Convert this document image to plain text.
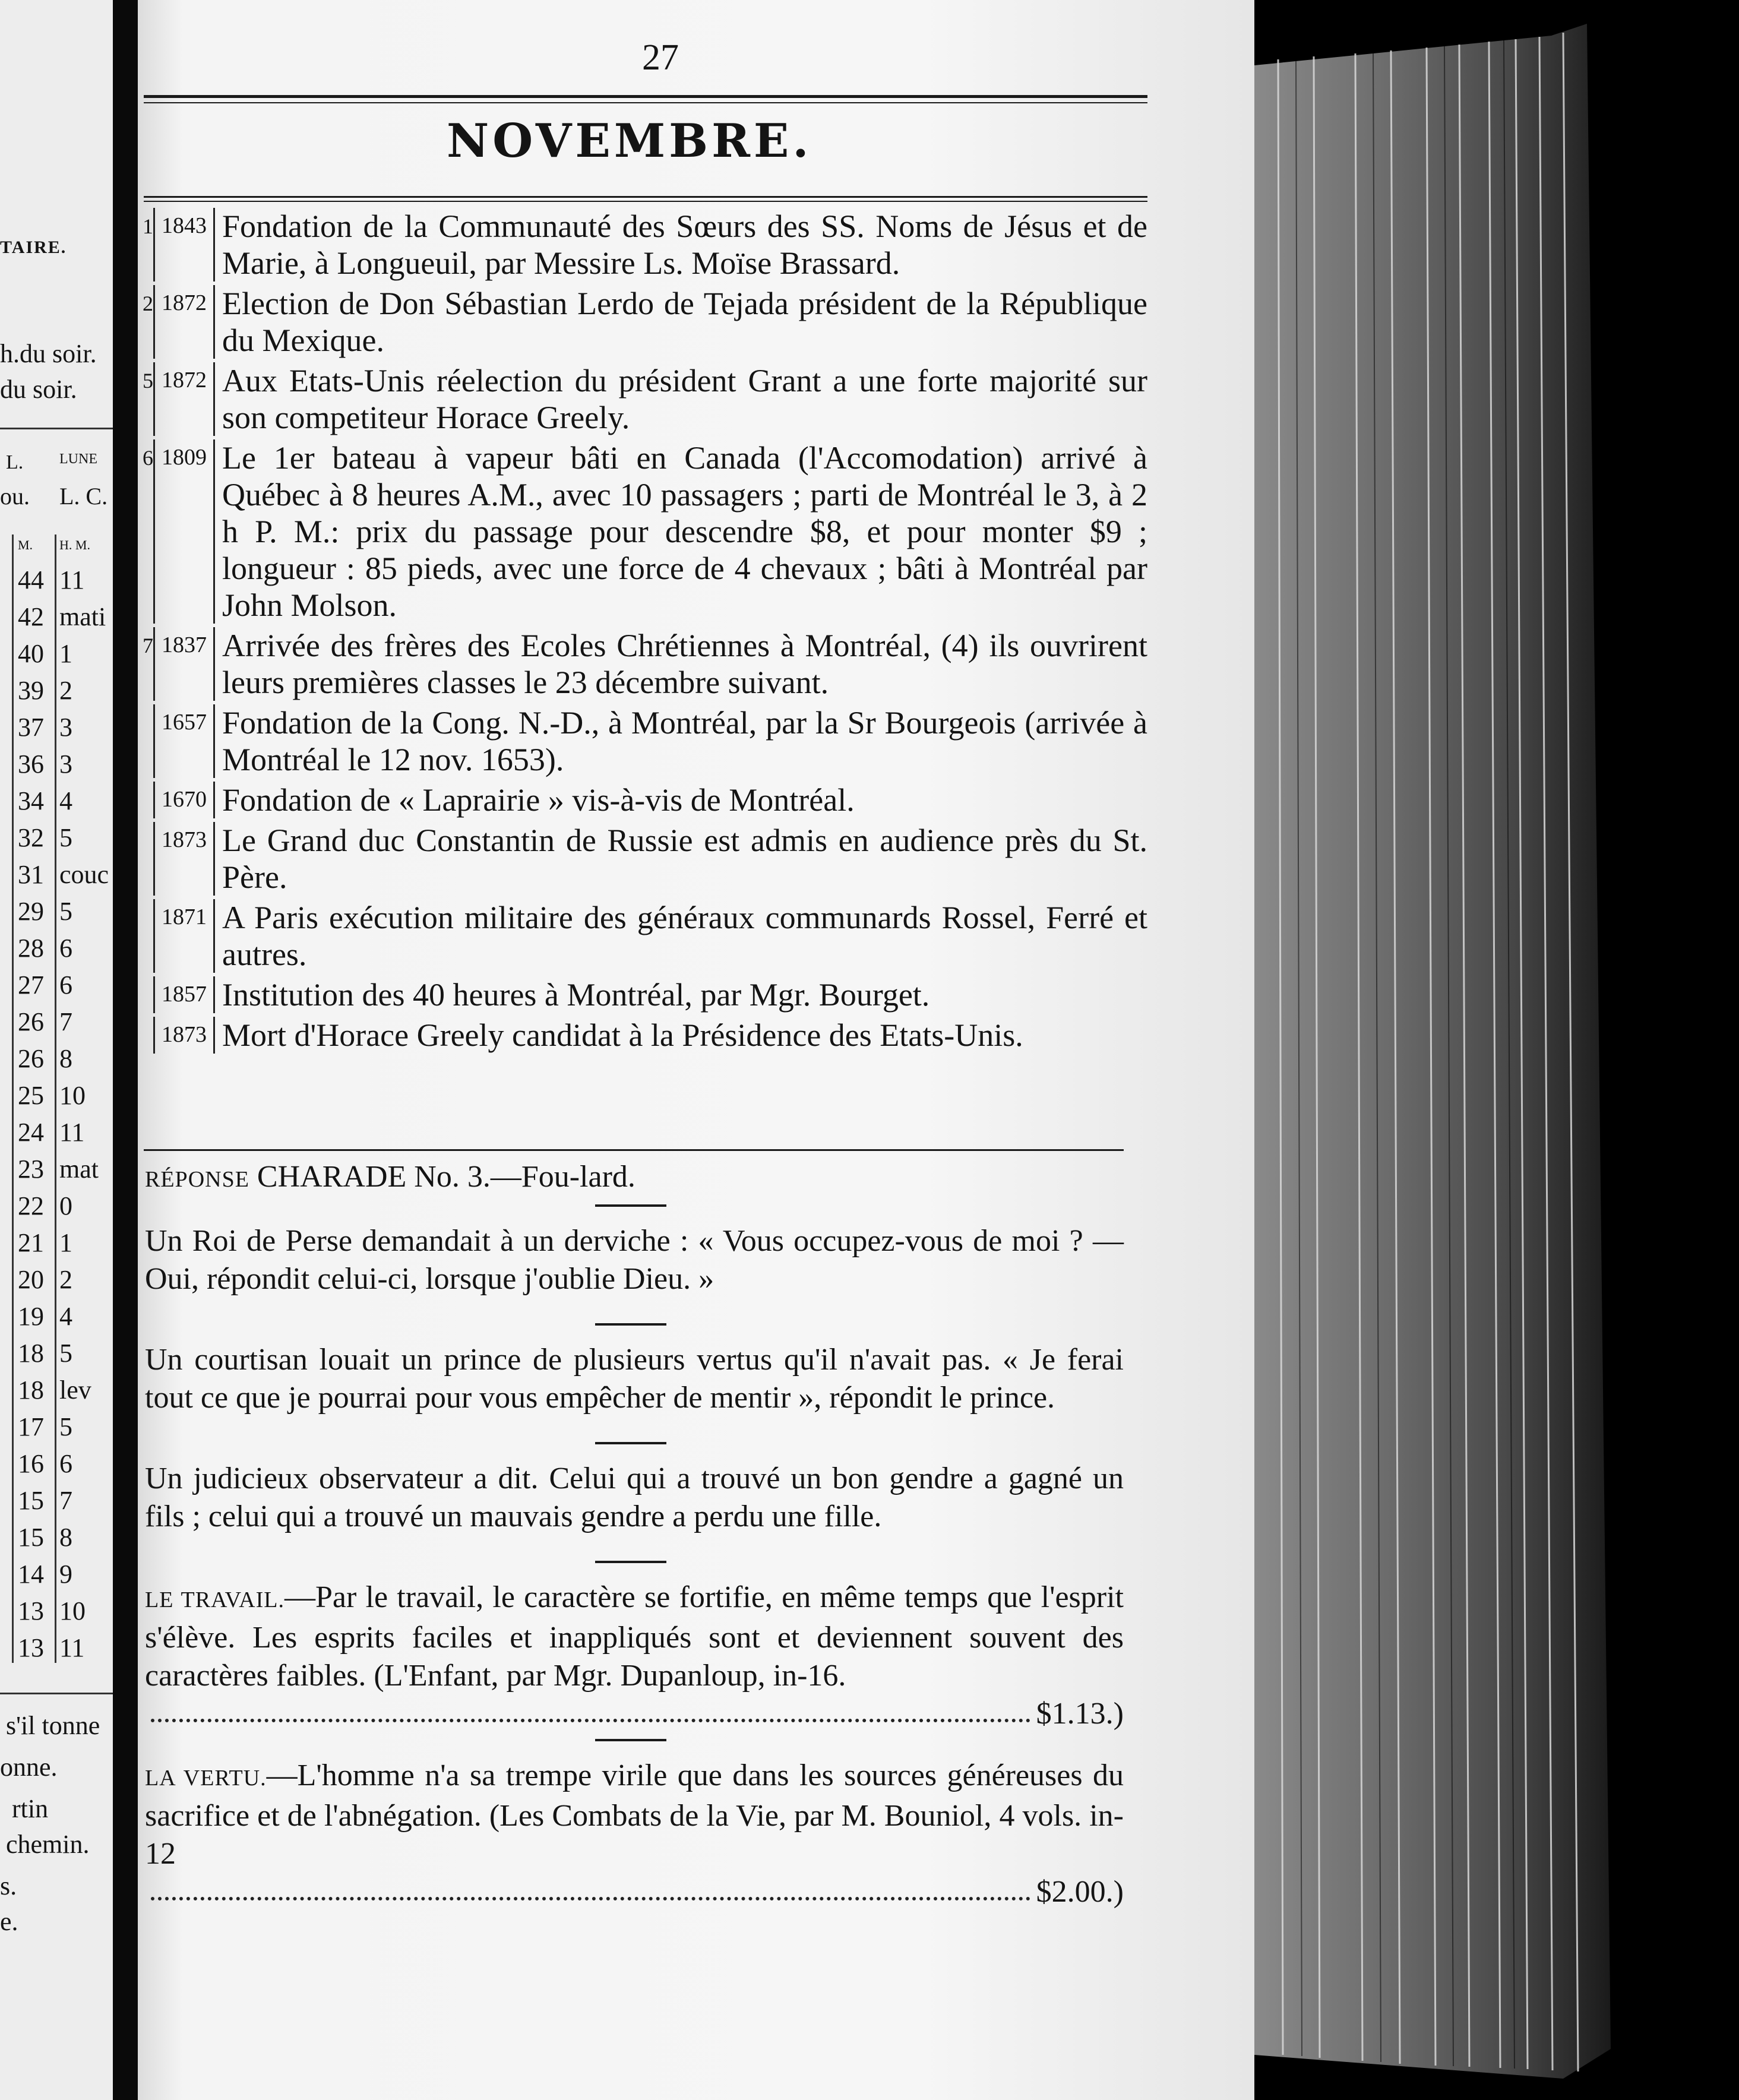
TAIRE.
h.du soir.
du soir.
L.	LUNE
ou. L. C.
M. H. M.
44 11
42 mati
40 1
39 2
37 3
36 3
34 4
32 5
31 couc
29 5
28 6
27 6
26 7
26 8
25 10
24 11
23 mat
22 0
21 1
20 2
19 4
18 5
18 lev
17 5
16 6
15 7
15 8
14 9
13 10
13 11
s'il tonne
onne.
rtin
chemin.
s.
e.
27
NOVEMBRE.
1 1843 Fondation de la Communauté des Sœurs des SS. Noms de Jésus et de Marie, à Longueuil, par Messire Ls. Moïse Brassard.
2 1872 Election de Don Sébastian Lerdo de Tejada président de la République du Mexique.
5 1872 Aux Etats-Unis réelection du président Grant a une forte majorité sur son competiteur Horace Greely.
6 1809 Le 1er bateau à vapeur bâti en Canada (l'Accomodation) arrivé à Québec à 8 heures A.M., avec 10 passagers ; parti de Montréal le 3, à 2 h P. M.: prix du passage pour descendre $8, et pour monter $9 ; longueur : 85 pieds, avec une force de 4 chevaux ; bâti à Montréal par John Molson.
7 1837 Arrivée des frères des Ecoles Chrétiennes à Montréal, (4) ils ouvrirent leurs premières classes le 23 décembre suivant.
1657 Fondation de la Cong. N.-D., à Montréal, par la Sr Bourgeois (arrivée à Montréal le 12 nov. 1653).
1670 Fondation de « Laprairie » vis-à-vis de Montréal.
1873 Le Grand duc Constantin de Russie est admis en audience près du St. Père.
1871 A Paris exécution militaire des généraux communards Rossel, Ferré et autres.
1857 Institution des 40 heures à Montréal, par Mgr. Bourget.
1873 Mort d'Horace Greely candidat à la Présidence des Etats-Unis.
RÉPONSE CHARADE No. 3.—Fou-lard.
Un Roi de Perse demandait à un derviche : « Vous occupez-vous de moi ? — Oui, répondit celui-ci, lorsque j'oublie Dieu. »
Un courtisan louait un prince de plusieurs vertus qu'il n'avait pas. « Je ferai tout ce que je pourrai pour vous empêcher de mentir », répondit le prince.
Un judicieux observateur a dit. Celui qui a trouvé un bon gendre a gagné un fils ; celui qui a trouvé un mauvais gendre a perdu une fille.
LE TRAVAIL.—Par le travail, le caractère se fortifie, en même temps que l'esprit s'élève. Les esprits faciles et inappliqués sont et deviennent souvent des caractères faibles. (L'Enfant, par Mgr. Dupanloup, in-16.
$1.13.)
LA VERTU.—L'homme n'a sa trempe virile que dans les sources généreuses du sacrifice et de l'abnégation. (Les Combats de la Vie, par M. Bouniol, 4 vols. in-12
$2.00.)
